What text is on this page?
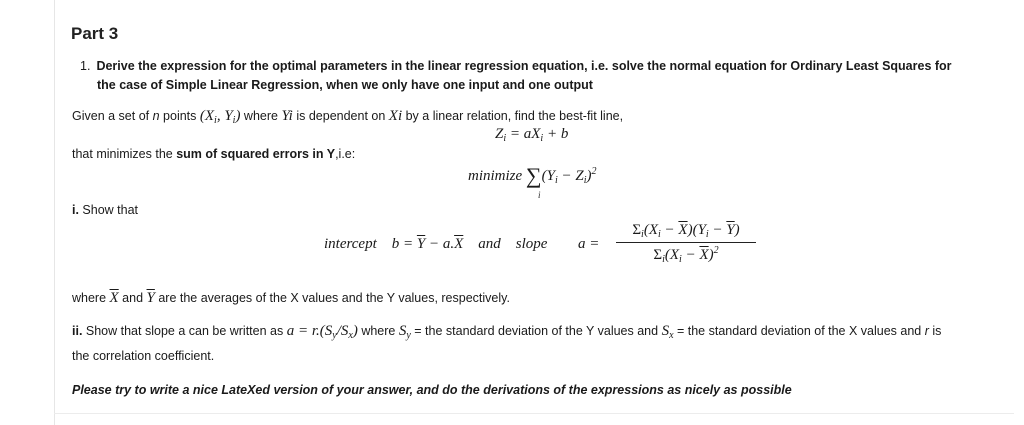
Part 3
1. Derive the expression for the optimal parameters in the linear regression equation, i.e. solve the normal equation for Ordinary Least Squares for
the case of Simple Linear Regression, when we only have one input and one output
Given a set of n points ($X_i$, $Y_i$) where Yi is dependent on Xi by a linear relation, find the best-fit line,
$Z_i = aX_i + b$
that minimizes the sum of squared errors in Y,i.e:
minimize $\sum(Y_i - Z_i)^2$
i
i. Show that
intercept $b = \overline{Y} - a.\overline{X}$ and slope a =
$\Sigma_i(X_i - \overline{X})(Y_i - \overline{Y})$
$\Sigma_i(X_i - \overline{X})^2$
where $\overline{X}$ and $\overline{Y}$ are the averages of the X values and the Y values, respectively.
ii. Show that slope a can be written as $a = r.(S_y/S_x)$ where $S_y$ = the standard deviation of the Y values and $S_x$ = the standard deviation of the X values and r is
the correlation coefficient.
Please try to write a nice LateXed version of your answer, and do the derivations of the expressions as nicely as possible
